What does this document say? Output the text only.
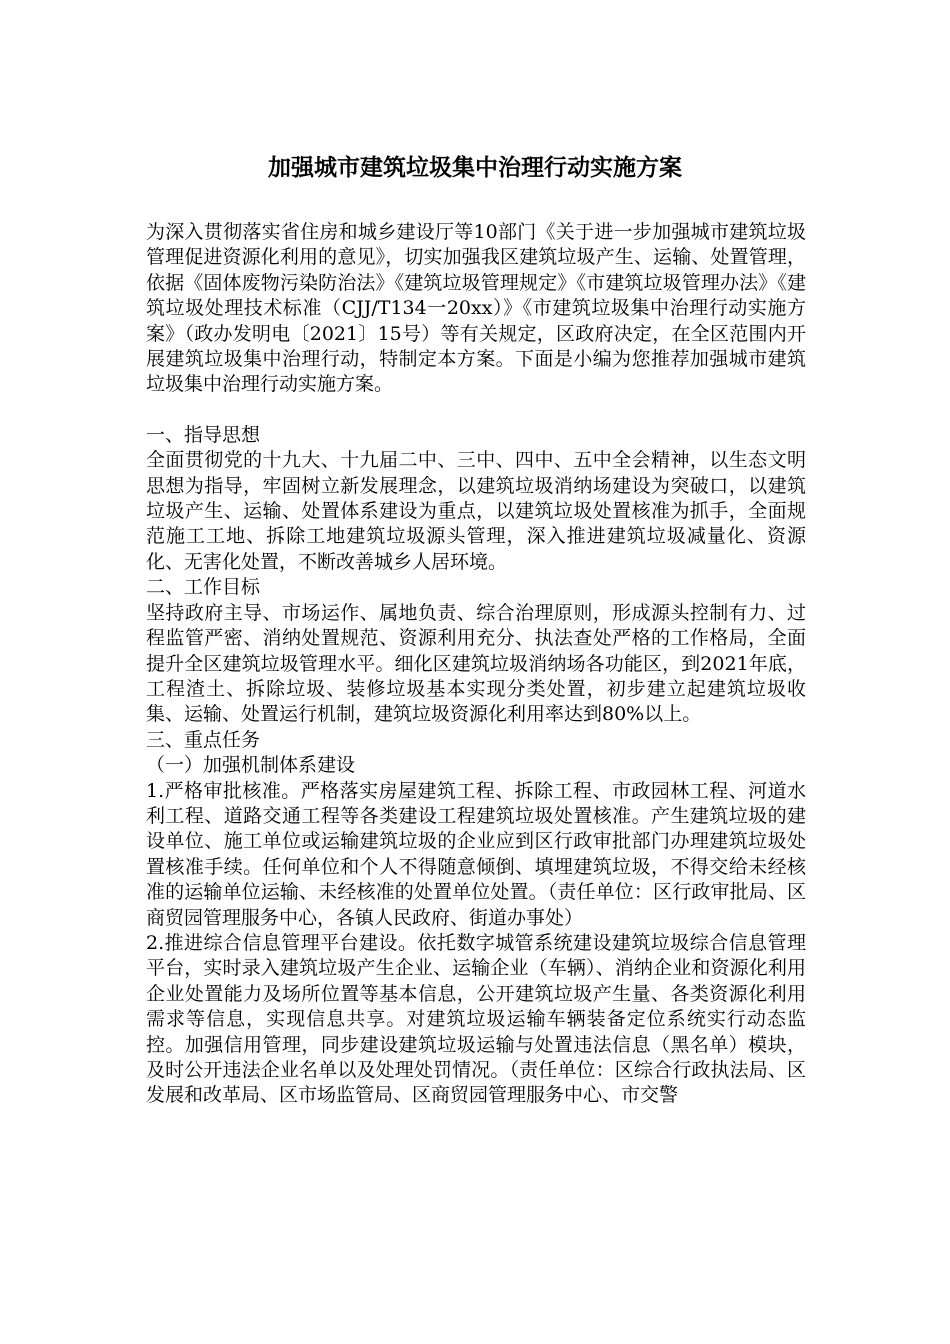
加强城市建筑垃圾集中治理行动实施方案

为深入贯彻落实省住房和城乡建设厅等10部门《关于进一步加强城市建筑垃圾管理促进资源化利用的意见》，切实加强我区建筑垃圾产生、运输、处置管理，依据《固体废物污染防治法》《建筑垃圾管理规定》《市建筑垃圾管理办法》《建筑垃圾处理技术标准（CJJ/T134一20xx）》《市建筑垃圾集中治理行动实施方案》（政办发明电〔2021〕15号）等有关规定，区政府决定，在全区范围内开展建筑垃圾集中治理行动，特制定本方案。下面是小编为您推荐加强城市建筑垃圾集中治理行动实施方案。

一、指导思想

全面贯彻党的十九大、十九届二中、三中、四中、五中全会精神，以生态文明思想为指导，牢固树立新发展理念，以建筑垃圾消纳场建设为突破口，以建筑垃圾产生、运输、处置体系建设为重点，以建筑垃圾处置核准为抓手，全面规范施工工地、拆除工地建筑垃圾源头管理，深入推进建筑垃圾减量化、资源化、无害化处置，不断改善城乡人居环境。

二、工作目标

坚持政府主导、市场运作、属地负责、综合治理原则，形成源头控制有力、过程监管严密、消纳处置规范、资源利用充分、执法查处严格的工作格局，全面提升全区建筑垃圾管理水平。细化区建筑垃圾消纳场各功能区，到2021年底，工程渣土、拆除垃圾、装修垃圾基本实现分类处置，初步建立起建筑垃圾收集、运输、处置运行机制，建筑垃圾资源化利用率达到80%以上。

三、重点任务

（一）加强机制体系建设

1.严格审批核准。严格落实房屋建筑工程、拆除工程、市政园林工程、河道水利工程、道路交通工程等各类建设工程建筑垃圾处置核准。产生建筑垃圾的建设单位、施工单位或运输建筑垃圾的企业应到区行政审批部门办理建筑垃圾处置核准手续。任何单位和个人不得随意倾倒、填埋建筑垃圾，不得交给未经核准的运输单位运输、未经核准的处置单位处置。（责任单位：区行政审批局、区商贸园管理服务中心，各镇人民政府、街道办事处）

2.推进综合信息管理平台建设。依托数字城管系统建设建筑垃圾综合信息管理平台，实时录入建筑垃圾产生企业、运输企业（车辆）、消纳企业和资源化利用企业处置能力及场所位置等基本信息，公开建筑垃圾产生量、各类资源化利用需求等信息，实现信息共享。对建筑垃圾运输车辆装备定位系统实行动态监控。加强信用管理，同步建设建筑垃圾运输与处置违法信息（黑名单）模块，及时公开违法企业名单以及处理处罚情况。（责任单位：区综合行政执法局、区发展和改革局、区市场监管局、区商贸园管理服务中心、市交警
